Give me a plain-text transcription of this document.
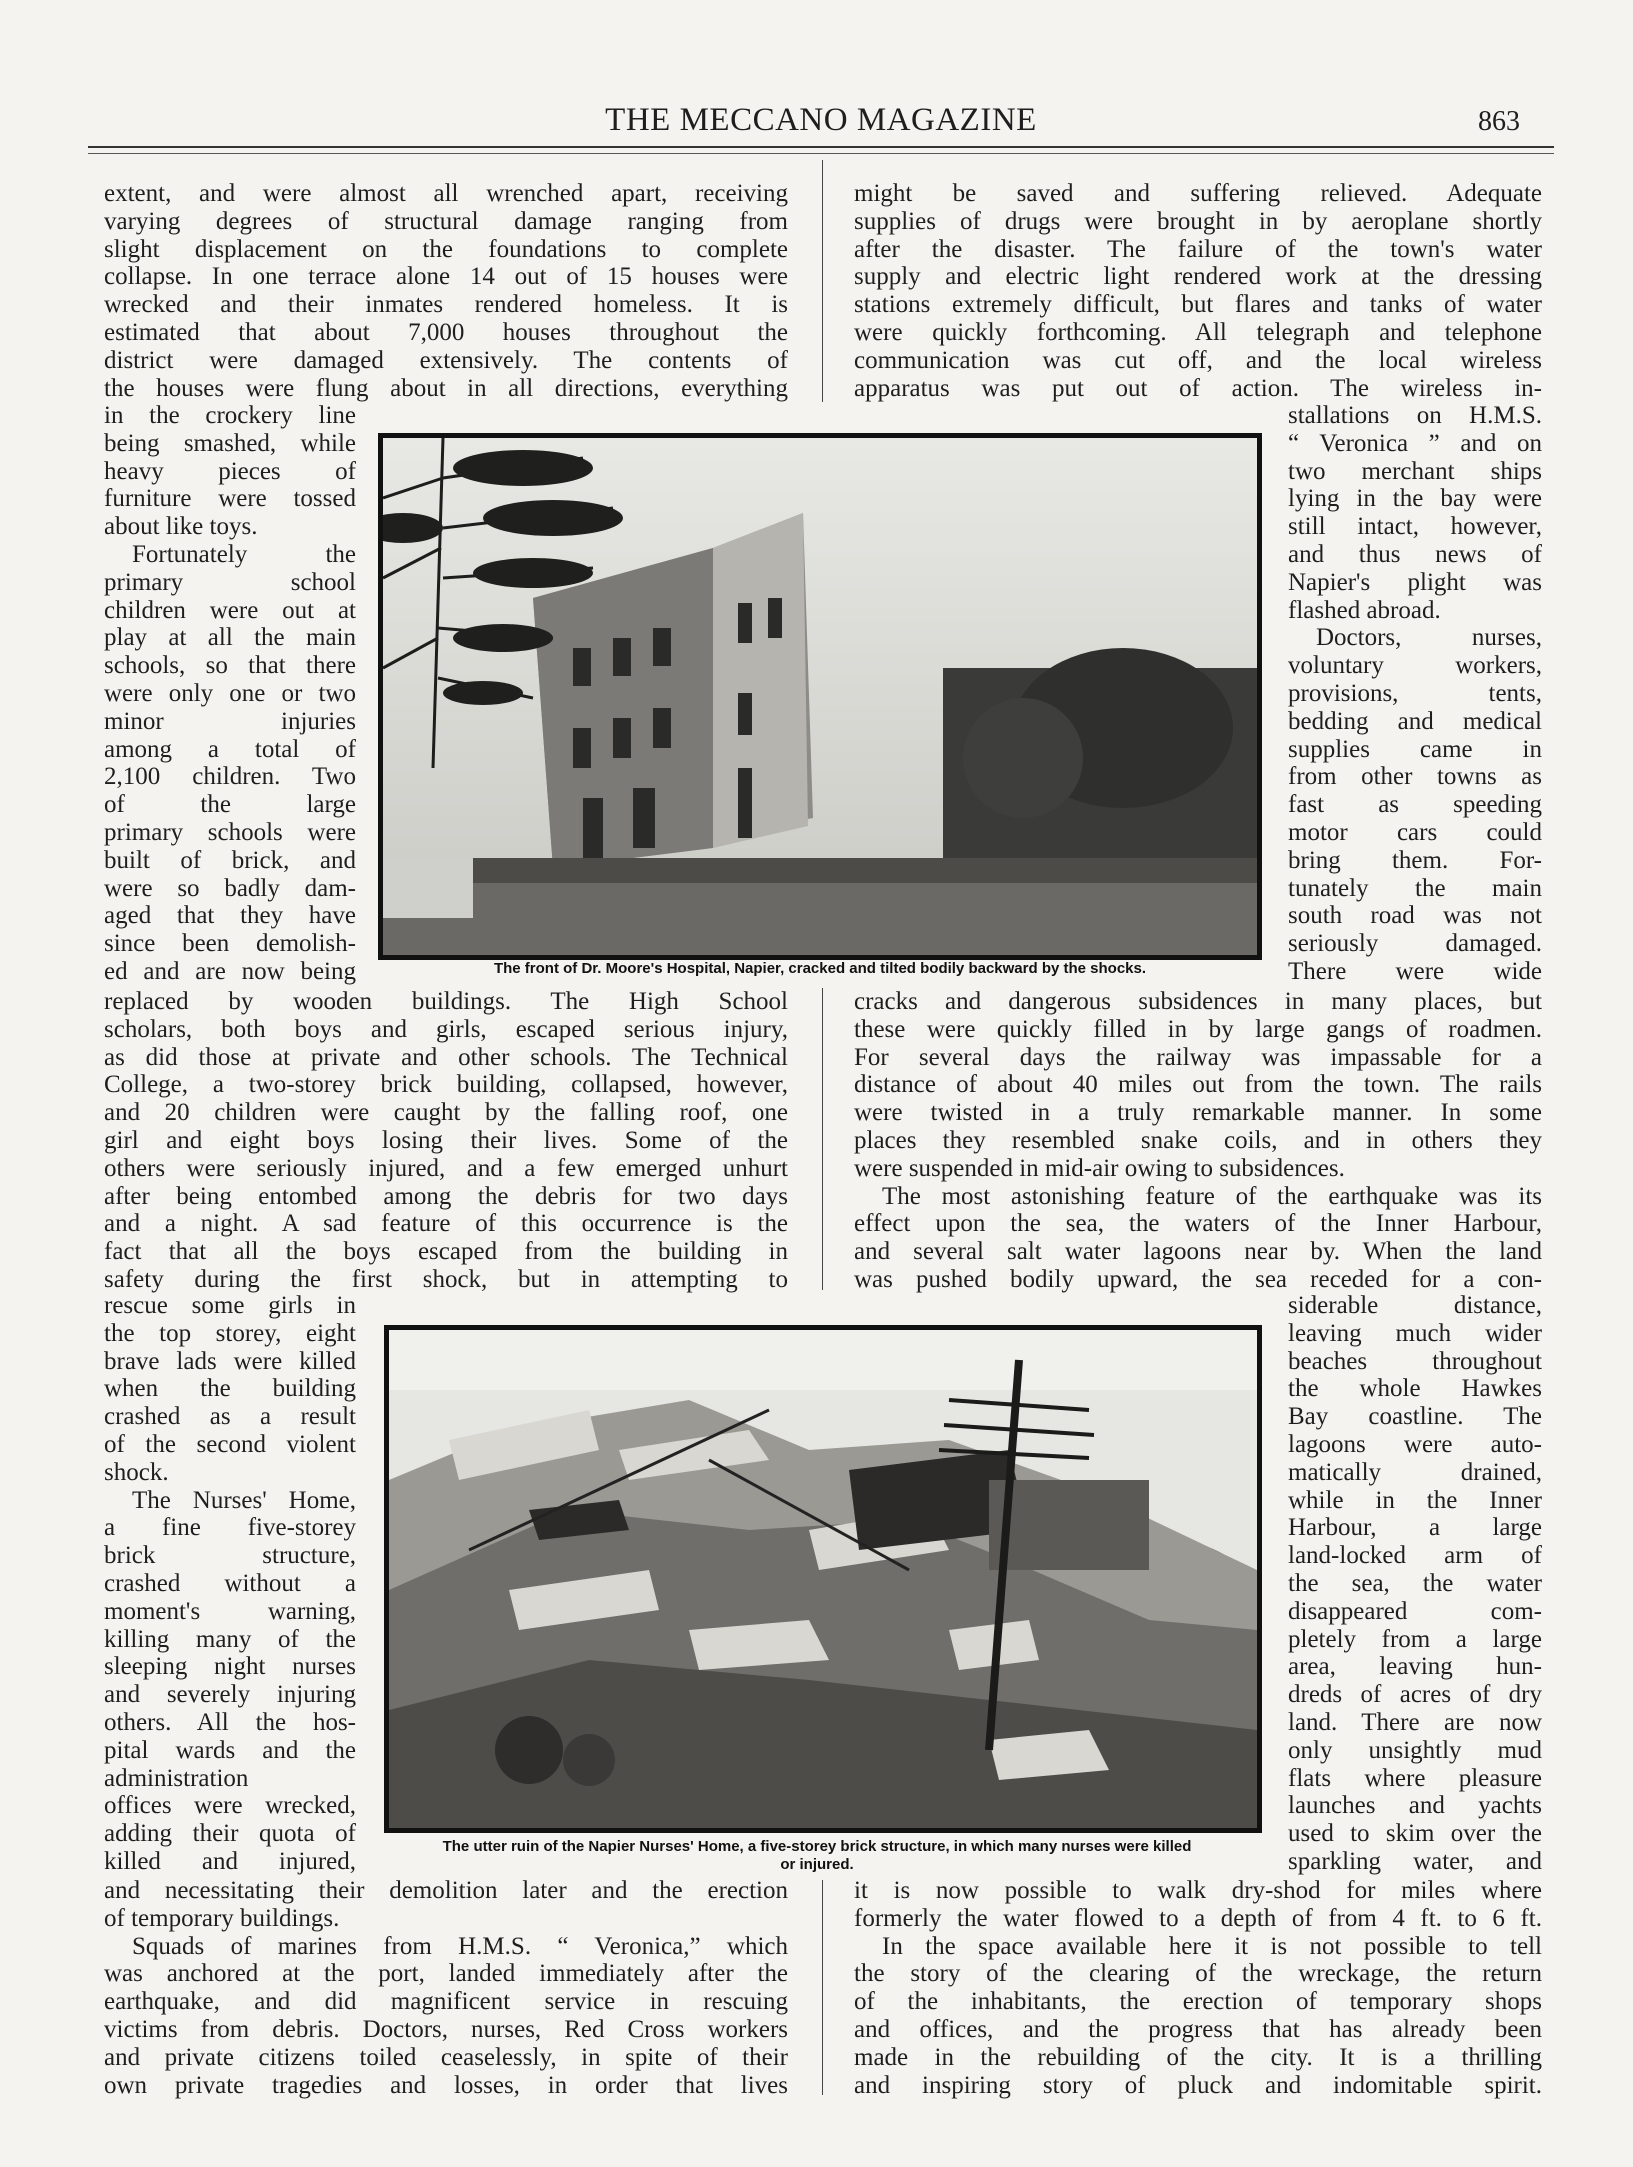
THE MECCANO MAGAZINE	863
extent, and were almost all wrenched apart, receiving
varying degrees of structural damage ranging from
slight displacement on the foundations to complete
collapse. In one terrace alone 14 out of 15 houses were
wrecked and their inmates rendered homeless. It is
estimated that about 7,000 houses throughout the
district were damaged extensively. The contents of
the houses were flung about in all directions, everything
in the crockery line
being smashed, while
heavy pieces of
furniture were tossed
about like toys.
Fortunately the
primary school
children were out at
play at all the main
schools, so that there
were only one or two
minor injuries
among a total of
2,100 children. Two
of the large
primary schools were
built of brick, and
were so badly dam-
aged that they have
since been demolish-
ed and are now being
replaced by wooden buildings. The High School
scholars, both boys and girls, escaped serious injury,
as did those at private and other schools. The Technical
College, a two-storey brick building, collapsed, however,
and 20 children were caught by the falling roof, one
girl and eight boys losing their lives. Some of the
others were seriously injured, and a few emerged unhurt
after being entombed among the debris for two days
and a night. A sad feature of this occurrence is the
fact that all the boys escaped from the building in
safety during the first shock, but in attempting to
rescue some girls in
the top storey, eight
brave lads were killed
when the building
crashed as a result
of the second violent
shock.
The Nurses' Home,
a fine five-storey
brick structure,
crashed without a
moment's warning,
killing many of the
sleeping night nurses
and severely injuring
others. All the hos-
pital wards and the
administration
offices were wrecked,
adding their quota of
killed and injured,
and necessitating their demolition later and the erection
of temporary buildings.
Squads of marines from H.M.S. “ Veronica,” which
was anchored at the port, landed immediately after the
earthquake, and did magnificent service in rescuing
victims from debris. Doctors, nurses, Red Cross workers
and private citizens toiled ceaselessly, in spite of their
own private tragedies and losses, in order that lives
might be saved and suffering relieved. Adequate
supplies of drugs were brought in by aeroplane shortly
after the disaster. The failure of the town's water
supply and electric light rendered work at the dressing
stations extremely difficult, but flares and tanks of water
were quickly forthcoming. All telegraph and telephone
communication was cut off, and the local wireless
apparatus was put out of action. The wireless in-
stallations on H.M.S.
“ Veronica ” and on
two merchant ships
lying in the bay were
still intact, however,
and thus news of
Napier's plight was
flashed abroad.
Doctors, nurses,
voluntary workers,
provisions, tents,
bedding and medical
supplies came in
from other towns as
fast as speeding
motor cars could
bring them. For-
tunately the main
south road was not
seriously damaged.
There were wide
cracks and dangerous subsidences in many places, but
these were quickly filled in by large gangs of roadmen.
For several days the railway was impassable for a
distance of about 40 miles out from the town. The rails
were twisted in a truly remarkable manner. In some
places they resembled snake coils, and in others they
were suspended in mid-air owing to subsidences.
The most astonishing feature of the earthquake was its
effect upon the sea, the waters of the Inner Harbour,
and several salt water lagoons near by. When the land
was pushed bodily upward, the sea receded for a con-
siderable distance,
leaving much wider
beaches throughout
the whole Hawkes
Bay coastline. The
lagoons were auto-
matically drained,
while in the Inner
Harbour, a large
land-locked arm of
the sea, the water
disappeared com-
pletely from a large
area, leaving hun-
dreds of acres of dry
land. There are now
only unsightly mud
flats where pleasure
launches and yachts
used to skim over the
sparkling water, and
it is now possible to walk dry-shod for miles where
formerly the water flowed to a depth of from 4 ft. to 6 ft.
In the space available here it is not possible to tell
the story of the clearing of the wreckage, the return
of the inhabitants, the erection of temporary shops
and offices, and the progress that has already been
made in the rebuilding of the city. It is a thrilling
and inspiring story of pluck and indomitable spirit.
The front of Dr. Moore's Hospital, Napier, cracked and tilted bodily backward by the shocks.
The utter ruin of the Napier Nurses' Home, a five-storey brick structure, in which many nurses were killed
or injured.
